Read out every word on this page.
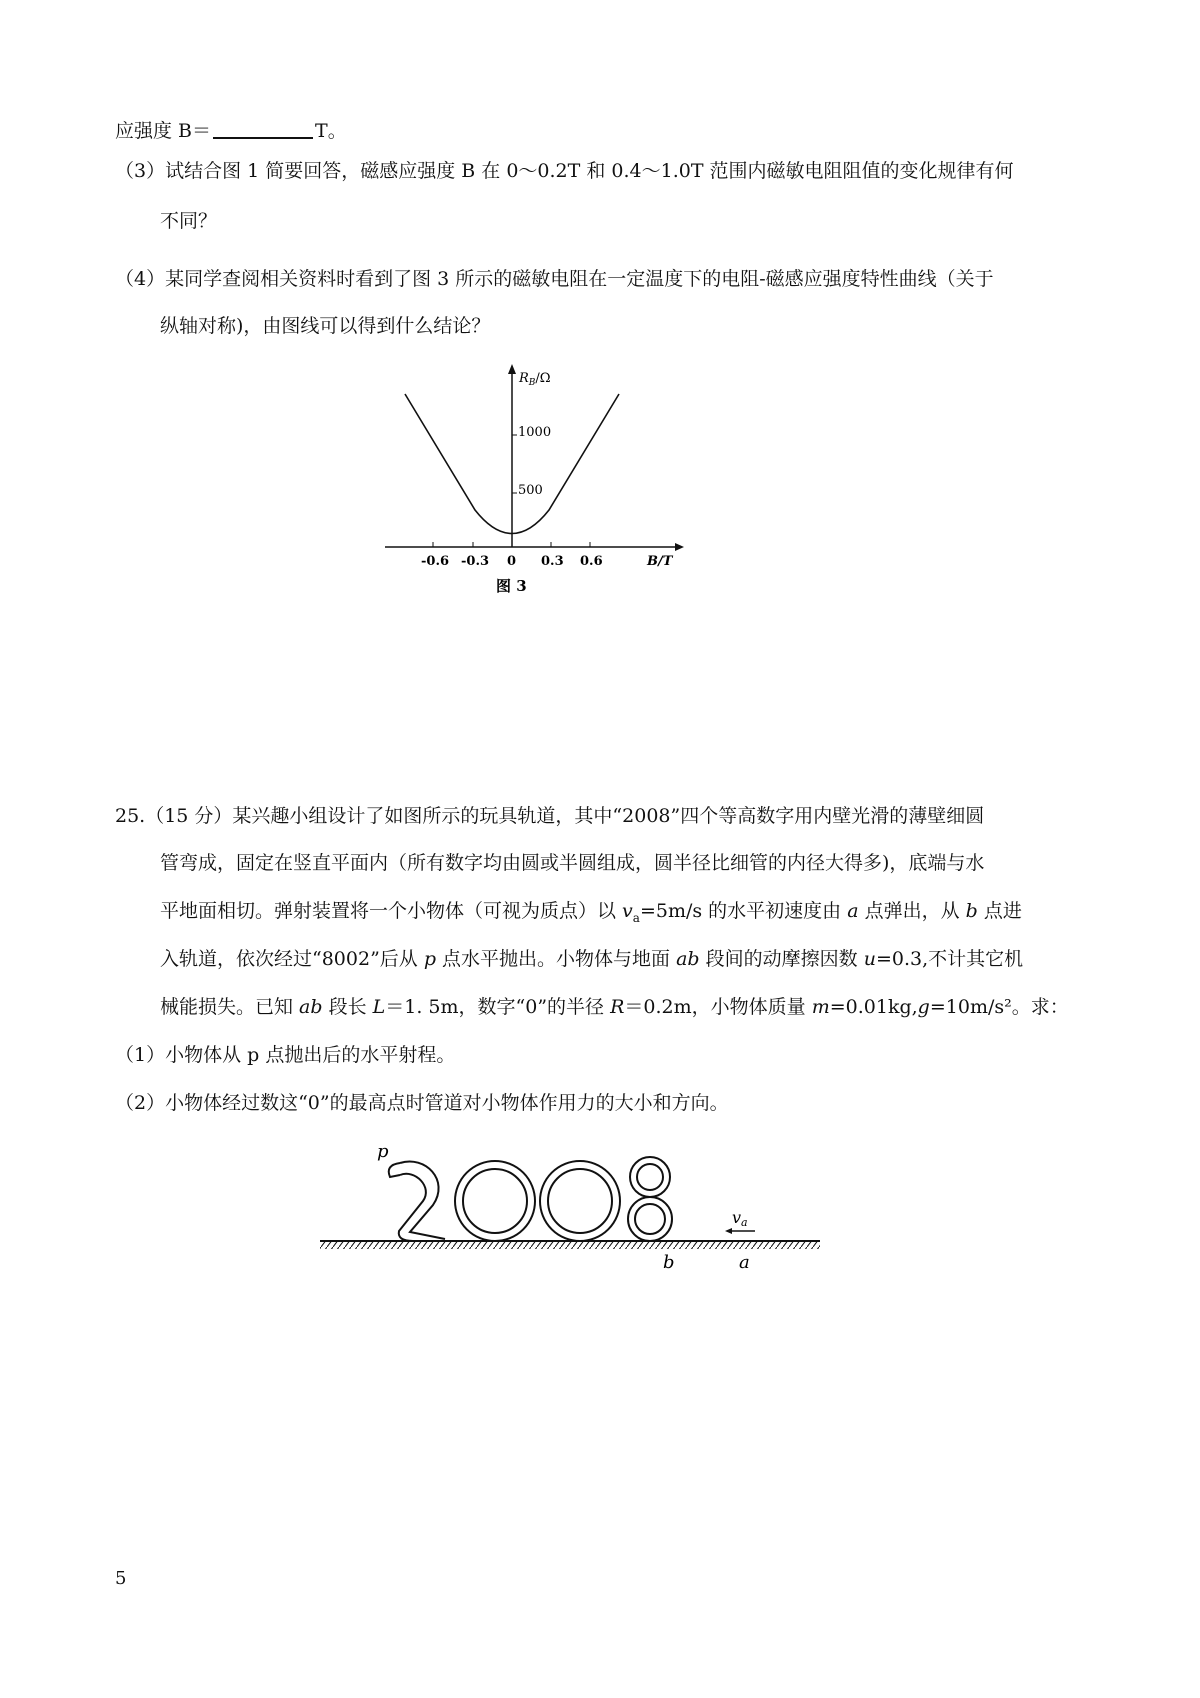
应强度 B＝	T。
（3）试结合图 1 简要回答，磁感应强度 B 在 0～0.2T 和 0.4～1.0T 范围内磁敏电阻阻值的变化规律有何
不同？
（4）某同学查阅相关资料时看到了图 3 所示的磁敏电阻在一定温度下的电阻-磁感应强度特性曲线（关于
纵轴对称)，由图线可以得到什么结论？
1000
500
$R_B/\Omega$
-0.6 -0.3 0 0.3 0.6	B/T
图 3
25.（15 分）某兴趣小组设计了如图所示的玩具轨道，其中“2008”四个等高数字用内壁光滑的薄壁细圆
管弯成，固定在竖直平面内（所有数字均由圆或半圆组成，圆半径比细管的内径大得多)，底端与水
平地面相切。弹射装置将一个小物体（可视为质点）以 $v_a=5m/s$ 的水平初速度由 a 点弹出，从 b 点进
入轨道，依次经过“8002”后从 p 点水平抛出。小物体与地面 ab 段间的动摩擦因数 u=0.3,不计其它机
械能损失。已知 ab 段长 L＝1. 5m，数字“0”的半径 R＝0.2m，小物体质量 m=0.01kg,g=10m/s²。求：
（1）小物体从 p 点抛出后的水平射程。
（2）小物体经过数这“0”的最高点时管道对小物体作用力的大小和方向。
p
b	a
va
5
